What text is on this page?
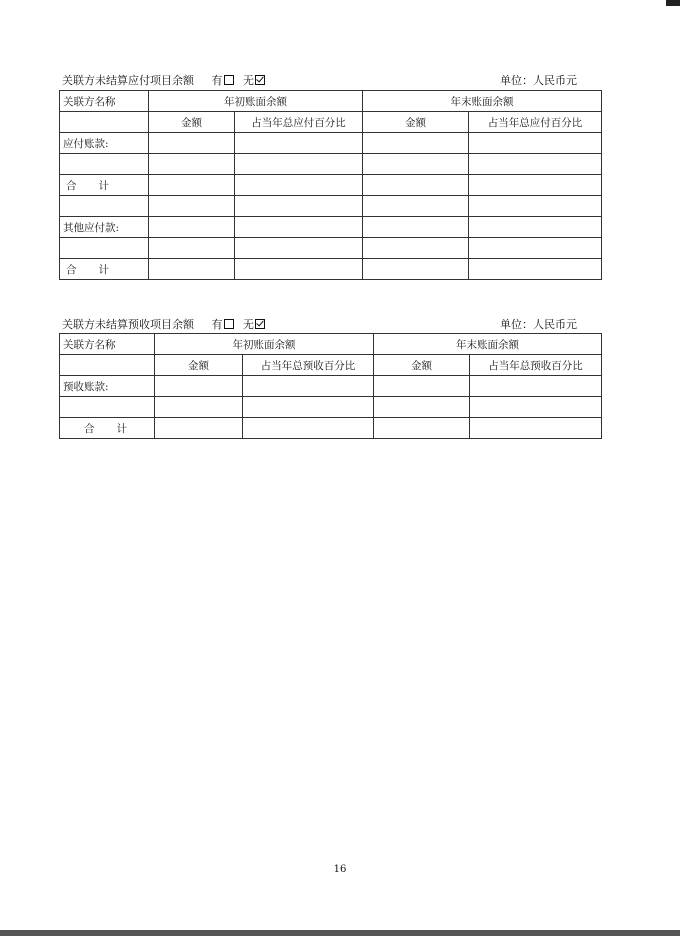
关联方未结算应付项目余额 有 无	单位：人民币元
关联方名称	年初账面余额		年末账面余额	
	金额	占当年总应付百分比	金额	占当年总应付百分比
应付账款:				

合计				

其他应付款:				

合计				
关联方未结算预收项目余额 有 无	单位：人民币元
关联方名称	年初账面余额		年末账面余额	
	金额	占当年总预收百分比	金额	占当年总预收百分比
预收账款:				

合计				
16
